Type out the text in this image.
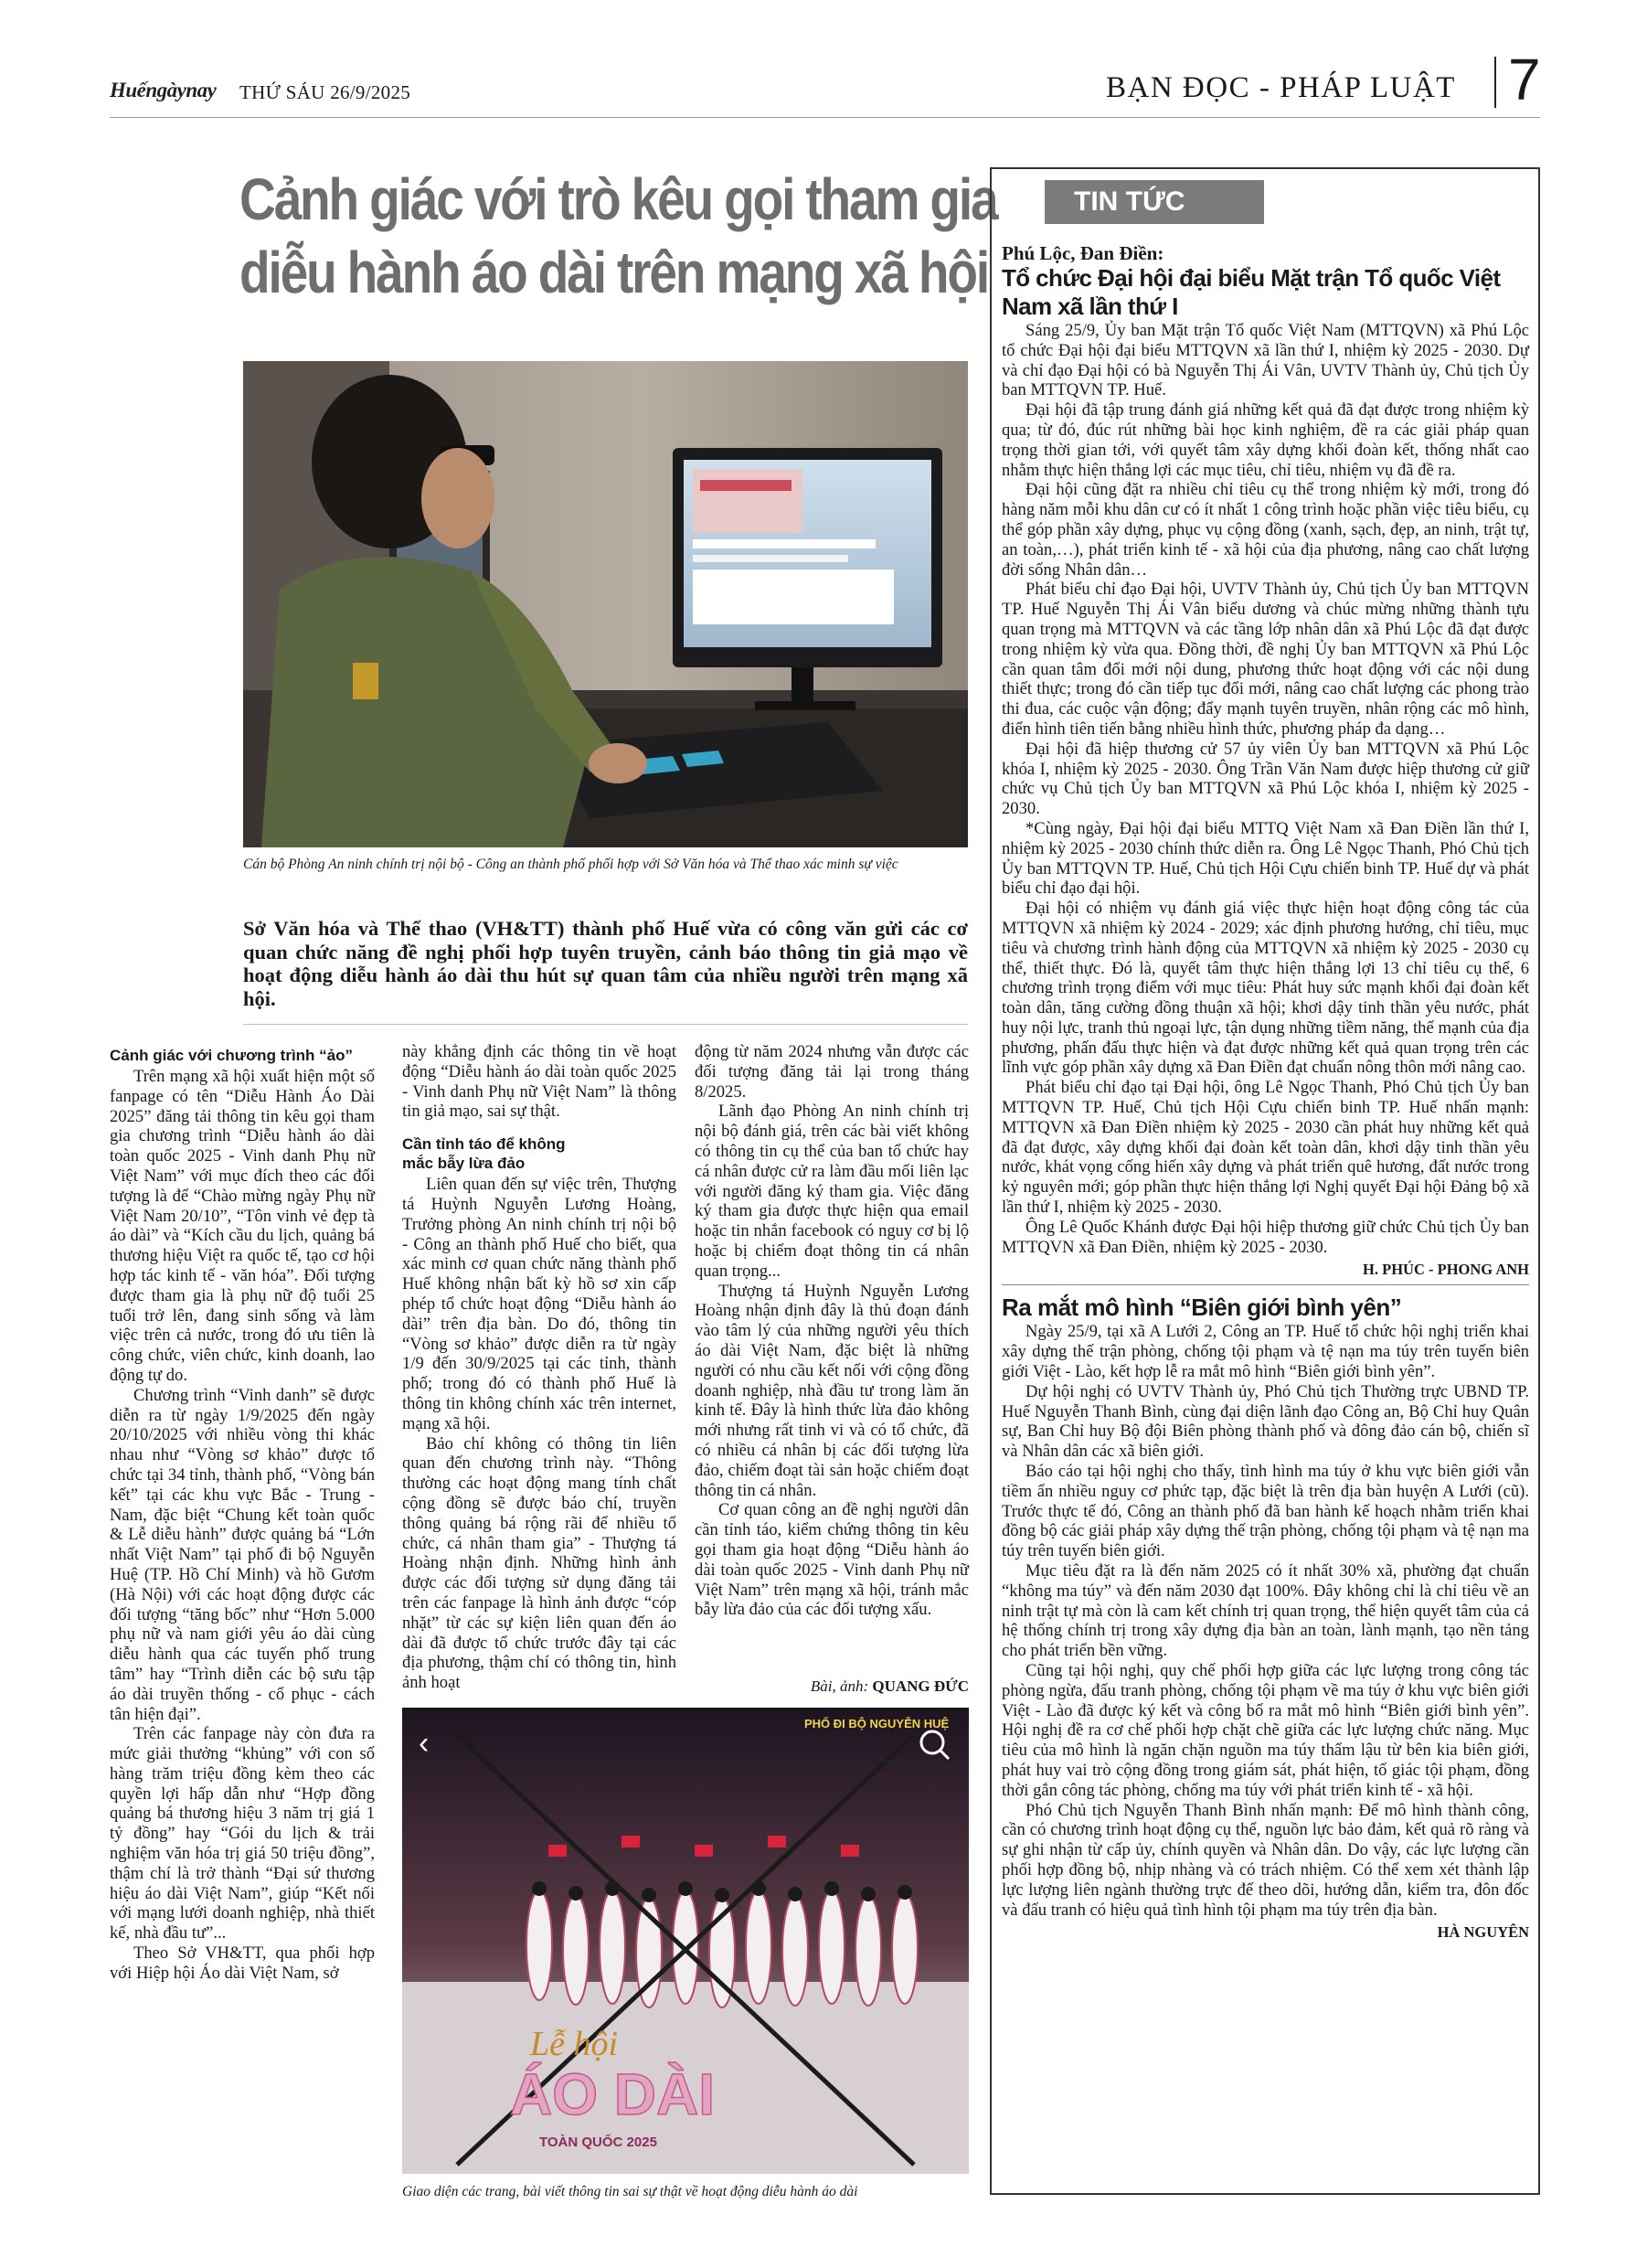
Huếngàynay THỨ SÁU 26/9/2025	BẠN ĐỌC - PHÁP LUẬT 7
Cảnh giác với trò kêu gọi tham gia
diễu hành áo dài trên mạng xã hội
Cán bộ Phòng An ninh chính trị nội bộ - Công an thành phố phối hợp với Sở Văn hóa và Thể thao xác minh sự việc
Sở Văn hóa và Thể thao (VH&TT) thành phố Huế vừa có công văn gửi các cơ quan chức năng đề nghị phối hợp tuyên truyền, cảnh báo thông tin giả mạo về hoạt động diễu hành áo dài thu hút sự quan tâm của nhiều người trên mạng xã hội.
Cảnh giác với chương trình “ảo”

Trên mạng xã hội xuất hiện một số fanpage có tên “Diễu Hành Áo Dài 2025” đăng tải thông tin kêu gọi tham gia chương trình “Diễu hành áo dài toàn quốc 2025 - Vinh danh Phụ nữ Việt Nam” với mục đích theo các đối tượng là để “Chào mừng ngày Phụ nữ Việt Nam 20/10”, “Tôn vinh vẻ đẹp tà áo dài” và “Kích cầu du lịch, quảng bá thương hiệu Việt ra quốc tế, tạo cơ hội hợp tác kinh tế - văn hóa”. Đối tượng được tham gia là phụ nữ độ tuổi 25 tuổi trở lên, đang sinh sống và làm việc trên cả nước, trong đó ưu tiên là công chức, viên chức, kinh doanh, lao động tự do.

Chương trình “Vinh danh” sẽ được diễn ra từ ngày 1/9/2025 đến ngày 20/10/2025 với nhiều vòng thi khác nhau như “Vòng sơ khảo” được tổ chức tại 34 tỉnh, thành phố, “Vòng bán kết” tại các khu vực Bắc - Trung - Nam, đặc biệt “Chung kết toàn quốc & Lễ diễu hành” được quảng bá “Lớn nhất Việt Nam” tại phố đi bộ Nguyễn Huệ (TP. Hồ Chí Minh) và hồ Gươm (Hà Nội) với các hoạt động được các đối tượng “tăng bốc” như “Hơn 5.000 phụ nữ và nam giới yêu áo dài cùng diễu hành qua các tuyến phố trung tâm” hay “Trình diễn các bộ sưu tập áo dài truyền thống - cổ phục - cách tân hiện đại”.

Trên các fanpage này còn đưa ra mức giải thưởng “khủng” với con số hàng trăm triệu đồng kèm theo các quyền lợi hấp dẫn như “Hợp đồng quảng bá thương hiệu 3 năm trị giá 1 tỷ đồng” hay “Gói du lịch & trải nghiệm văn hóa trị giá 50 triệu đồng”, thậm chí là trở thành “Đại sứ thương hiệu áo dài Việt Nam”, giúp “Kết nối với mạng lưới doanh nghiệp, nhà thiết kế, nhà đầu tư”...

Theo Sở VH&TT, qua phối hợp với Hiệp hội Áo dài Việt Nam, sở

này khẳng định các thông tin về hoạt động “Diễu hành áo dài toàn quốc 2025 - Vinh danh Phụ nữ Việt Nam” là thông tin giả mạo, sai sự thật.

Cần tỉnh táo để không
mắc bẫy lừa đảo

Liên quan đến sự việc trên, Thượng tá Huỳnh Nguyễn Lương Hoàng, Trưởng phòng An ninh chính trị nội bộ - Công an thành phố Huế cho biết, qua xác minh cơ quan chức năng thành phố Huế không nhận bất kỳ hồ sơ xin cấp phép tổ chức hoạt động “Diễu hành áo dài” trên địa bàn. Do đó, thông tin “Vòng sơ khảo” được diễn ra từ ngày 1/9 đến 30/9/2025 tại các tỉnh, thành phố; trong đó có thành phố Huế là thông tin không chính xác trên internet, mạng xã hội.

Bảo chí không có thông tin liên quan đến chương trình này. “Thông thường các hoạt động mang tính chất cộng đồng sẽ được báo chí, truyền thông quảng bá rộng rãi để nhiều tổ chức, cá nhân tham gia” - Thượng tá Hoàng nhận định. Những hình ảnh được các đối tượng sử dụng đăng tải trên các fanpage là hình ảnh được “cóp nhặt” từ các sự kiện liên quan đến áo dài đã được tổ chức trước đây tại các địa phương, thậm chí có thông tin, hình ảnh hoạt

động từ năm 2024 nhưng vẫn được các đối tượng đăng tải lại trong tháng 8/2025.

Lãnh đạo Phòng An ninh chính trị nội bộ đánh giá, trên các bài viết không có thông tin cụ thể của ban tổ chức hay cá nhân được cử ra làm đầu mối liên lạc với người đăng ký tham gia. Việc đăng ký tham gia được thực hiện qua email hoặc tin nhắn facebook có nguy cơ bị lộ hoặc bị chiếm đoạt thông tin cá nhân quan trọng...

Thượng tá Huỳnh Nguyễn Lương Hoàng nhận định đây là thủ đoạn đánh vào tâm lý của những người yêu thích áo dài Việt Nam, đặc biệt là những người có nhu cầu kết nối với cộng đồng doanh nghiệp, nhà đầu tư trong làm ăn kinh tế. Đây là hình thức lừa đảo không mới nhưng rất tinh vi và có tổ chức, đã có nhiều cá nhân bị các đối tượng lừa đảo, chiếm đoạt tài sản hoặc chiếm đoạt thông tin cá nhân.

Cơ quan công an đề nghị người dân cần tỉnh táo, kiểm chứng thông tin kêu gọi tham gia hoạt động “Diễu hành áo dài toàn quốc 2025 - Vinh danh Phụ nữ Việt Nam” trên mạng xã hội, tránh mắc bẫy lừa đảo của các đối tượng xấu.

Bài, ảnh: QUANG ĐỨC
‹
PHỐ ĐI BỘ NGUYỄN HUỆ
Lễ hội
ÁO DÀI
TOÀN QUỐC 2025
Giao diện các trang, bài viết thông tin sai sự thật về hoạt động diễu hành áo dài
TIN TỨC
Phú Lộc, Đan Điền:
Tổ chức Đại hội đại biểu Mặt trận Tổ quốc Việt
Nam xã lần thứ I

Sáng 25/9, Ủy ban Mặt trận Tổ quốc Việt Nam (MTTQVN) xã Phú Lộc tổ chức Đại hội đại biểu MTTQVN xã lần thứ I, nhiệm kỳ 2025 - 2030. Dự và chỉ đạo Đại hội có bà Nguyễn Thị Ái Vân, UVTV Thành ủy, Chủ tịch Ủy ban MTTQVN TP. Huế.

Đại hội đã tập trung đánh giá những kết quả đã đạt được trong nhiệm kỳ qua; từ đó, đúc rút những bài học kinh nghiệm, đề ra các giải pháp quan trọng thời gian tới, với quyết tâm xây dựng khối đoàn kết, thống nhất cao nhằm thực hiện thắng lợi các mục tiêu, chỉ tiêu, nhiệm vụ đã đề ra.

Đại hội cũng đặt ra nhiều chỉ tiêu cụ thể trong nhiệm kỳ mới, trong đó hàng năm mỗi khu dân cư có ít nhất 1 công trình hoặc phần việc tiêu biểu, cụ thể góp phần xây dựng, phục vụ cộng đồng (xanh, sạch, đẹp, an ninh, trật tự, an toàn,…), phát triển kinh tế - xã hội của địa phương, nâng cao chất lượng đời sống Nhân dân…

Phát biểu chỉ đạo Đại hội, UVTV Thành ủy, Chủ tịch Ủy ban MTTQVN TP. Huế Nguyễn Thị Ái Vân biểu dương và chúc mừng những thành tựu quan trọng mà MTTQVN và các tầng lớp nhân dân xã Phú Lộc đã đạt được trong nhiệm kỳ vừa qua. Đồng thời, đề nghị Ủy ban MTTQVN xã Phú Lộc cần quan tâm đổi mới nội dung, phương thức hoạt động với các nội dung thiết thực; trong đó cần tiếp tục đổi mới, nâng cao chất lượng các phong trào thi đua, các cuộc vận động; đẩy mạnh tuyên truyền, nhân rộng các mô hình, điển hình tiên tiến bằng nhiều hình thức, phương pháp đa dạng…

Đại hội đã hiệp thương cử 57 ủy viên Ủy ban MTTQVN xã Phú Lộc khóa I, nhiệm kỳ 2025 - 2030. Ông Trần Văn Nam được hiệp thương cử giữ chức vụ Chủ tịch Ủy ban MTTQVN xã Phú Lộc khóa I, nhiệm kỳ 2025 - 2030.

*Cùng ngày, Đại hội đại biểu MTTQ Việt Nam xã Đan Điền lần thứ I, nhiệm kỳ 2025 - 2030 chính thức diễn ra. Ông Lê Ngọc Thanh, Phó Chủ tịch Ủy ban MTTQVN TP. Huế, Chủ tịch Hội Cựu chiến binh TP. Huế dự và phát biểu chỉ đạo đại hội.

Đại hội có nhiệm vụ đánh giá việc thực hiện hoạt động công tác của MTTQVN xã nhiệm kỳ 2024 - 2029; xác định phương hướng, chỉ tiêu, mục tiêu và chương trình hành động của MTTQVN xã nhiệm kỳ 2025 - 2030 cụ thể, thiết thực. Đó là, quyết tâm thực hiện thắng lợi 13 chỉ tiêu cụ thể, 6 chương trình trọng điểm với mục tiêu: Phát huy sức mạnh khối đại đoàn kết toàn dân, tăng cường đồng thuận xã hội; khơi dậy tinh thần yêu nước, phát huy nội lực, tranh thủ ngoại lực, tận dụng những tiềm năng, thế mạnh của địa phương, phấn đấu thực hiện và đạt được những kết quả quan trọng trên các lĩnh vực góp phần xây dựng xã Đan Điền đạt chuẩn nông thôn mới nâng cao.

Phát biểu chỉ đạo tại Đại hội, ông Lê Ngọc Thanh, Phó Chủ tịch Ủy ban MTTQVN TP. Huế, Chủ tịch Hội Cựu chiến binh TP. Huế nhấn mạnh: MTTQVN xã Đan Điền nhiệm kỳ 2025 - 2030 cần phát huy những kết quả đã đạt được, xây dựng khối đại đoàn kết toàn dân, khơi dậy tinh thần yêu nước, khát vọng cống hiến xây dựng và phát triển quê hương, đất nước trong kỷ nguyên mới; góp phần thực hiện thắng lợi Nghị quyết Đại hội Đảng bộ xã lần thứ I, nhiệm kỳ 2025 - 2030.

Ông Lê Quốc Khánh được Đại hội hiệp thương giữ chức Chủ tịch Ủy ban MTTQVN xã Đan Điền, nhiệm kỳ 2025 - 2030.

H. PHÚC - PHONG ANH
Ra mắt mô hình “Biên giới bình yên”

Ngày 25/9, tại xã A Lưới 2, Công an TP. Huế tổ chức hội nghị triển khai xây dựng thế trận phòng, chống tội phạm và tệ nạn ma túy trên tuyến biên giới Việt - Lào, kết hợp lễ ra mắt mô hình “Biên giới bình yên”.

Dự hội nghị có UVTV Thành ủy, Phó Chủ tịch Thường trực UBND TP. Huế Nguyễn Thanh Bình, cùng đại diện lãnh đạo Công an, Bộ Chỉ huy Quân sự, Ban Chỉ huy Bộ đội Biên phòng thành phố và đông đảo cán bộ, chiến sĩ và Nhân dân các xã biên giới.

Báo cáo tại hội nghị cho thấy, tình hình ma túy ở khu vực biên giới vẫn tiềm ẩn nhiều nguy cơ phức tạp, đặc biệt là trên địa bàn huyện A Lưới (cũ). Trước thực tế đó, Công an thành phố đã ban hành kế hoạch nhằm triển khai đồng bộ các giải pháp xây dựng thế trận phòng, chống tội phạm và tệ nạn ma túy trên tuyến biên giới.

Mục tiêu đặt ra là đến năm 2025 có ít nhất 30% xã, phường đạt chuẩn “không ma túy” và đến năm 2030 đạt 100%. Đây không chỉ là chỉ tiêu về an ninh trật tự mà còn là cam kết chính trị quan trọng, thể hiện quyết tâm của cả hệ thống chính trị trong xây dựng địa bàn an toàn, lành mạnh, tạo nền tảng cho phát triển bền vững.

Cũng tại hội nghị, quy chế phối hợp giữa các lực lượng trong công tác phòng ngừa, đấu tranh phòng, chống tội phạm về ma túy ở khu vực biên giới Việt - Lào đã được ký kết và công bố ra mắt mô hình “Biên giới bình yên”. Hội nghị đề ra cơ chế phối hợp chặt chẽ giữa các lực lượng chức năng. Mục tiêu của mô hình là ngăn chặn nguồn ma túy thẩm lậu từ bên kia biên giới, phát huy vai trò cộng đồng trong giám sát, phát hiện, tố giác tội phạm, đồng thời gắn công tác phòng, chống ma túy với phát triển kinh tế - xã hội.

Phó Chủ tịch Nguyễn Thanh Bình nhấn mạnh: Để mô hình thành công, cần có chương trình hoạt động cụ thể, nguồn lực bảo đảm, kết quả rõ ràng và sự ghi nhận từ cấp ủy, chính quyền và Nhân dân. Do vậy, các lực lượng cần phối hợp đồng bộ, nhịp nhàng và có trách nhiệm. Có thể xem xét thành lập lực lượng liên ngành thường trực để theo dõi, hướng dẫn, kiểm tra, đôn đốc và đấu tranh có hiệu quả tình hình tội phạm ma túy trên địa bàn.

HÀ NGUYÊN
